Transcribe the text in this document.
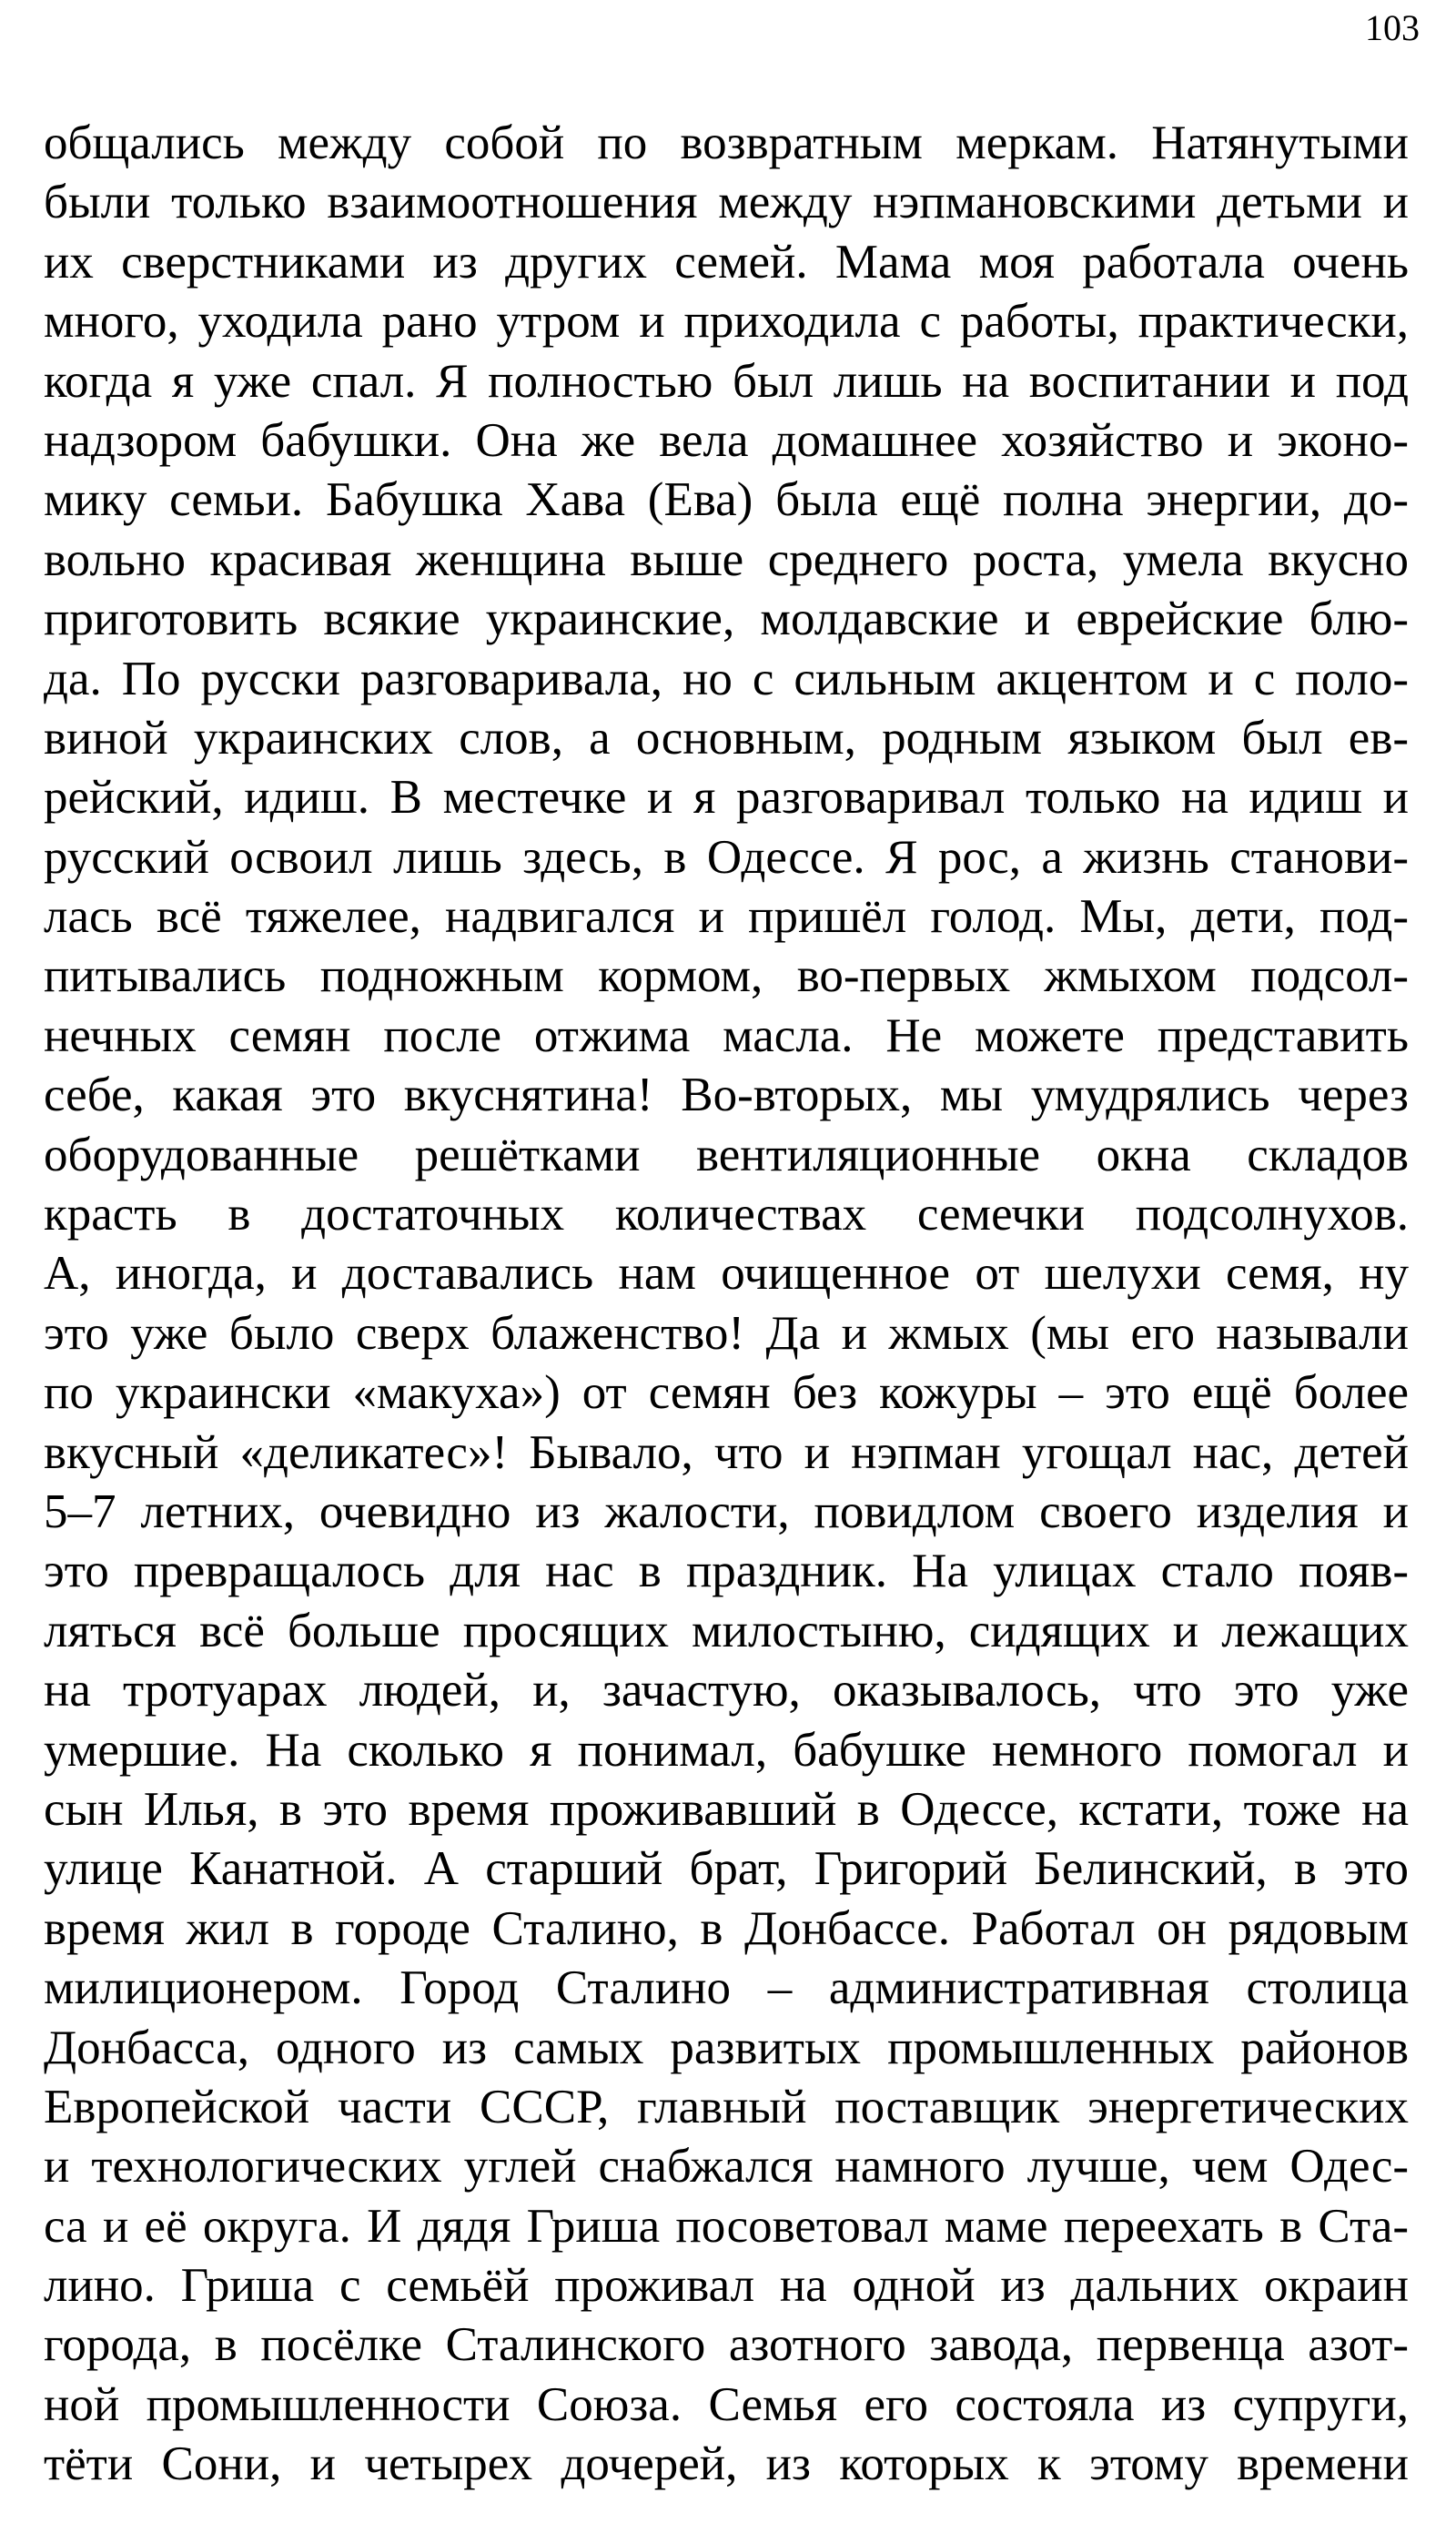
103

общались между собой по возвратным меркам. Натянутыми
были только взаимоотношения между нэпмановскими детьми и
их сверстниками из других семей. Мама моя работала очень
много, уходила рано утром и приходила с работы, практически,
когда я уже спал. Я полностью был лишь на воспитании и под
надзором бабушки. Она же вела домашнее хозяйство и эконо-
мику семьи. Бабушка Хава (Ева) была ещё полна энергии, до-
вольно красивая женщина выше среднего роста, умела вкусно
приготовить всякие украинские, молдавские и еврейские блю-
да. По русски разговаривала, но с сильным акцентом и с поло-
виной украинских слов, а основным, родным языком был ев-
рейский, идиш. В местечке и я разговаривал только на идиш и
русский освоил лишь здесь, в Одессе. Я рос, а жизнь станови-
лась всё тяжелее, надвигался и пришёл голод. Мы, дети, под-
питывались подножным кормом, во-первых жмыхом подсол-
нечных семян после отжима масла. Не можете представить
себе, какая это вкуснятина! Во-вторых, мы умудрялись через
оборудованные решётками вентиляционные окна складов
красть в достаточных количествах семечки подсолнухов.
А, иногда, и доставались нам очищенное от шелухи семя, ну
это уже было сверх блаженство! Да и жмых (мы его называли
по украински «макуха») от семян без кожуры – это ещё более
вкусный «деликатес»! Бывало, что и нэпман угощал нас, детей
5–7 летних, очевидно из жалости, повидлом своего изделия и
это превращалось для нас в праздник. На улицах стало появ-
ляться всё больше просящих милостыню, сидящих и лежащих
на тротуарах людей, и, зачастую, оказывалось, что это уже
умершие. На сколько я понимал, бабушке немного помогал и
сын Илья, в это время проживавший в Одессе, кстати, тоже на
улице Канатной. А старший брат, Григорий Белинский, в это
время жил в городе Сталино, в Донбассе. Работал он рядовым
милиционером. Город Сталино – административная столица
Донбасса, одного из самых развитых промышленных районов
Европейской части СССР, главный поставщик энергетических
и технологических углей снабжался намного лучше, чем Одес-
са и её округа. И дядя Гриша посоветовал маме переехать в Ста-
лино. Гриша с семьёй проживал на одной из дальних окраин
города, в посёлке Сталинского азотного завода, первенца азот-
ной промышленности Союза. Семья его состояла из супруги,
тёти Сони, и четырех дочерей, из которых к этому времени
